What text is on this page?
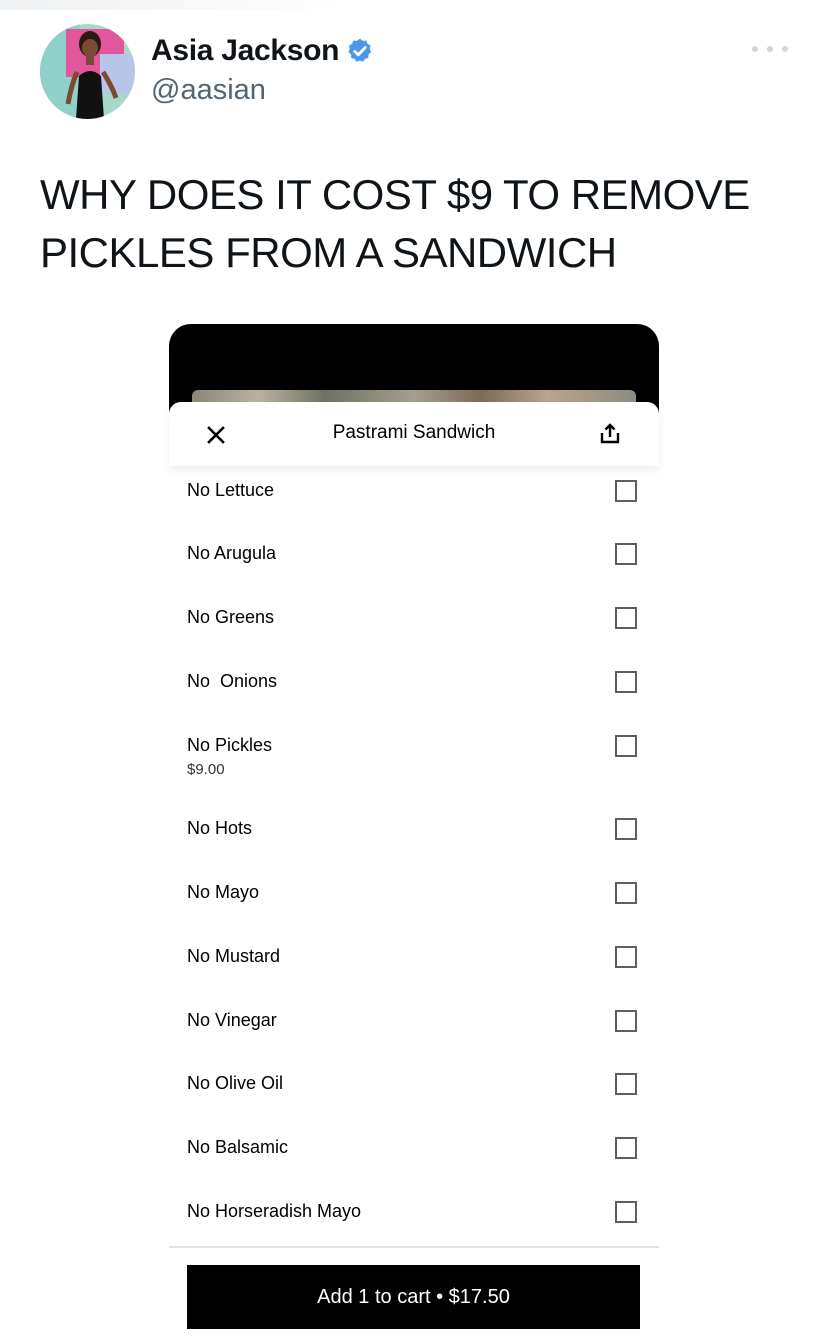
Asia Jackson
@aasian
WHY DOES IT COST $9 TO REMOVE PICKLES FROM A SANDWICH
Pastrami Sandwich
No Lettuce
No Arugula
No Greens
No  Onions
No Pickles
$9.00
No Hots
No Mayo
No Mustard
No Vinegar
No Olive Oil
No Balsamic
No Horseradish Mayo
Add 1 to cart • $17.50
